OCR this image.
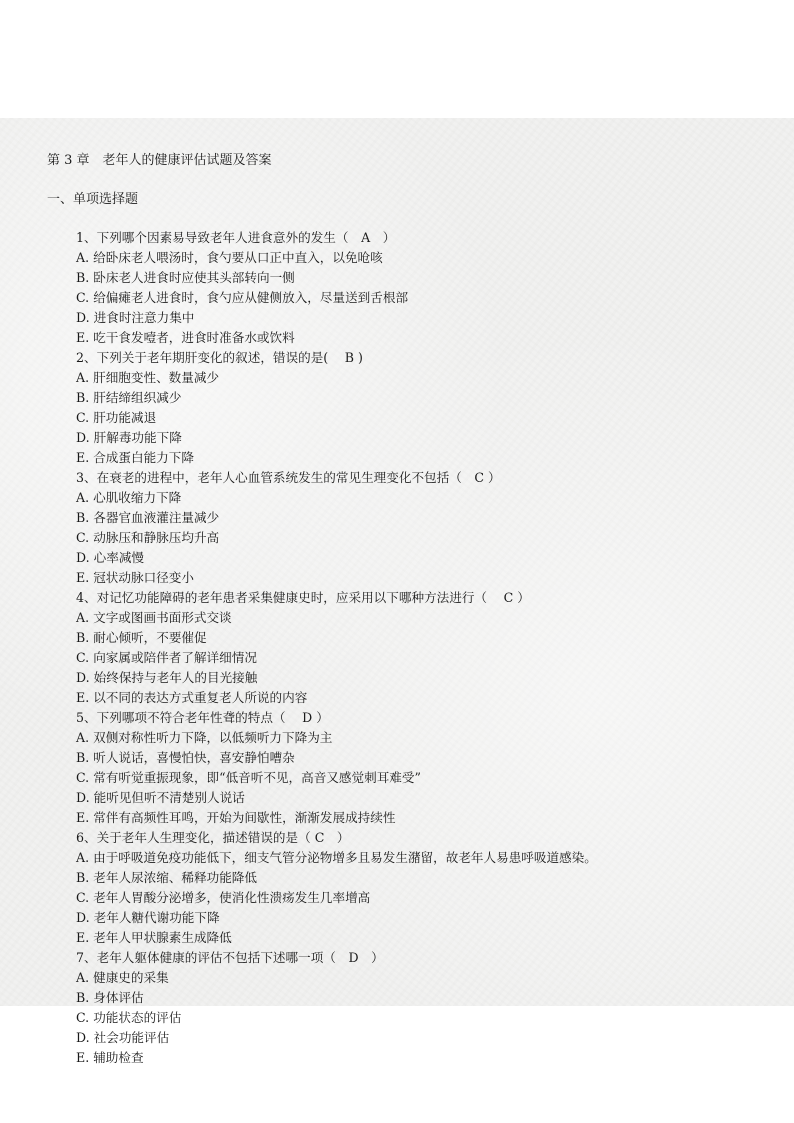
第 3 章　老年人的健康评估试题及答案
一、单项选择题
1、下列哪个因素易导致老年人进食意外的发生（　A　）
A. 给卧床老人喂汤时，食勺要从口正中直入，以免呛咳
B. 卧床老人进食时应使其头部转向一侧
C. 给偏瘫老人进食时，食勺应从健侧放入，尽量送到舌根部
D. 进食时注意力集中
E. 吃干食发噎者，进食时准备水或饮料
2、下列关于老年期肝变化的叙述，错误的是(　 B )
A. 肝细胞变性、数量减少
B. 肝结缔组织减少
C. 肝功能减退
D. 肝解毒功能下降
E. 合成蛋白能力下降
3、在衰老的进程中，老年人心血管系统发生的常见生理变化不包括（　C ）
A. 心肌收缩力下降
B. 各器官血液灌注量减少
C. 动脉压和静脉压均升高
D. 心率减慢
E. 冠状动脉口径变小
4、对记忆功能障碍的老年患者采集健康史时，应采用以下哪种方法进行（　 C ）
A. 文字或图画书面形式交谈
B. 耐心倾听，不要催促
C. 向家属或陪伴者了解详细情况
D. 始终保持与老年人的目光接触
E. 以不同的表达方式重复老人所说的内容
5、下列哪项不符合老年性聋的特点（　 D ）
A. 双侧对称性听力下降，以低频听力下降为主
B. 听人说话，喜慢怕快，喜安静怕嘈杂
C. 常有听觉重振现象，即“低音听不见，高音又感觉刺耳难受”
D. 能听见但听不清楚别人说话
E. 常伴有高频性耳鸣，开始为间歇性，渐渐发展成持续性
6、关于老年人生理变化，描述错误的是（ C　）
A. 由于呼吸道免疫功能低下，细支气管分泌物增多且易发生潴留，故老年人易患呼吸道感染。
B. 老年人尿浓缩、稀释功能降低
C. 老年人胃酸分泌增多，使消化性溃疡发生几率增高
D. 老年人糖代谢功能下降
E. 老年人甲状腺素生成降低
7、老年人躯体健康的评估不包括下述哪一项（　D　）
A. 健康史的采集
B. 身体评估
C. 功能状态的评估
D. 社会功能评估
E. 辅助检查
